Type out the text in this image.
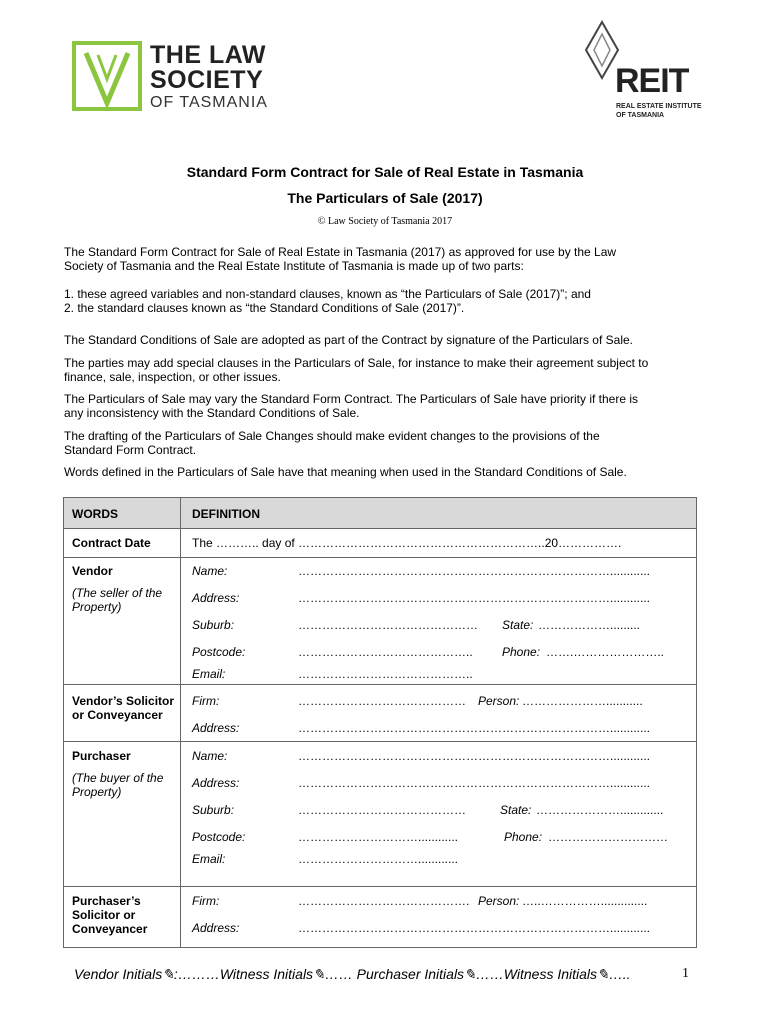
THE LAW
SOCIETY
OF TASMANIA
REIT
REAL ESTATE INSTITUTE
OF TASMANIA
Standard Form Contract for Sale of Real Estate in Tasmania
The Particulars of Sale (2017)
© Law Society of Tasmania 2017

The Standard Form Contract for Sale of Real Estate in Tasmania (2017) as approved for use by the Law

Society of Tasmania and the Real Estate Institute of Tasmania is made up of two parts:

1. these agreed variables and non-standard clauses, known as “the Particulars of Sale (2017)”; and

2. the standard clauses known as “the Standard Conditions of Sale (2017)”.

The Standard Conditions of Sale are adopted as part of the Contract by signature of the Particulars of Sale.

The parties may add special clauses in the Particulars of Sale, for instance to make their agreement subject to

finance, sale, inspection, or other issues.

The Particulars of Sale may vary the Standard Form Contract. The Particulars of Sale have priority if there is

any inconsistency with the Standard Conditions of Sale.

The drafting of the Particulars of Sale Changes should make evident changes to the provisions of the

Standard Form Contract.

Words defined in the Particulars of Sale have that meaning when used in the Standard Conditions of Sale.

WORDS	DEFINITION
Contract Date	The ……….. day of ……………………………………………………..20…………….
Vendor
(The seller of the Property)
Name:	……………………………………………………………………............
Address:	……………………………………………………………………............
Suburb:	……………………………………… State: ……………….........
Postcode:	…………………………………….. Phone: …….…………………..
Email:	……………………………………..
Vendor’s Solicitor or Conveyancer
Firm:	…………………………………… Person: …………………...........
Address:	……………………………………………………………………............
Purchaser
(The buyer of the Property)
Name:	……………………………………………………………………............
Address:	……………………………………………………………………............
Suburb:	……………………………………	State: ………………….............
Postcode:	…………………………............	Phone: …………………………
Email:	…………………………............
Purchaser’s Solicitor or Conveyancer
Firm:	……………………………………. Person: …..……………..............
Address:	……………………………………………………………………............
Vendor Initials✎:………Witness Initials✎…… Purchaser Initials✎……Witness Initials✎…..	1
